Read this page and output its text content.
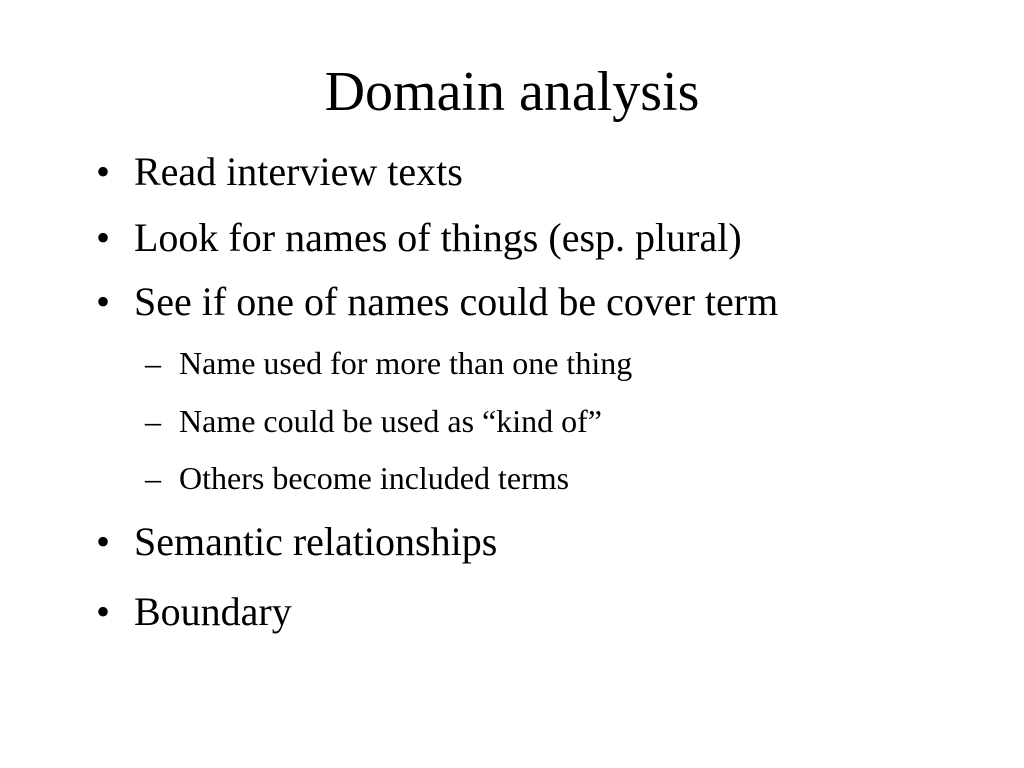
Domain analysis
• Read interview texts
• Look for names of things (esp. plural)
• See if one of names could be cover term
– Name used for more than one thing
– Name could be used as “kind of”
– Others become included terms
• Semantic relationships
• Boundary
